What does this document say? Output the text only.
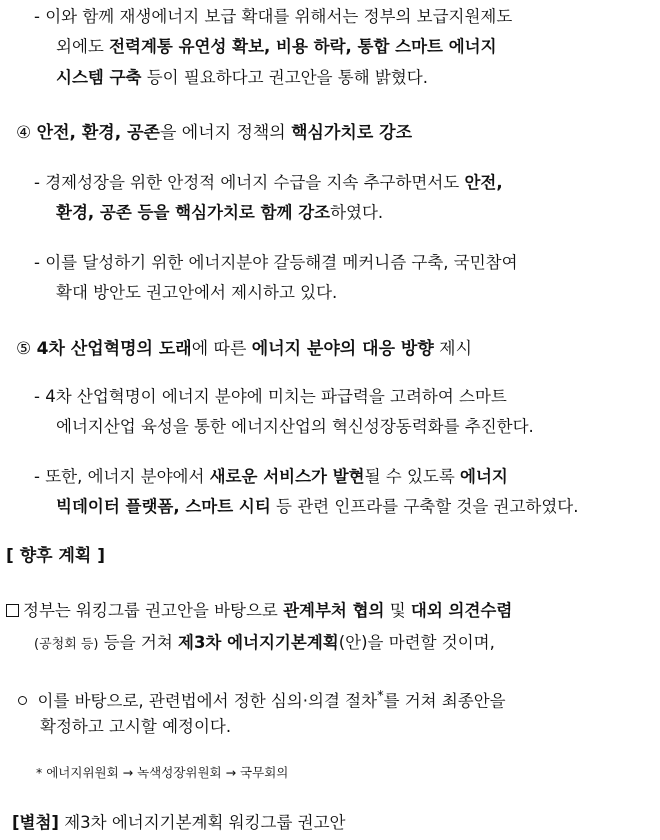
- 이와 함께 재생에너지 보급 확대를 위해서는 정부의 보급지원제도

외에도 전력계통 유연성 확보, 비용 하락, 통합 스마트 에너지

시스템 구축 등이 필요하다고 권고안을 통해 밝혔다.

④ 안전, 환경, 공존을 에너지 정책의 핵심가치로 강조

- 경제성장을 위한 안정적 에너지 수급을 지속 추구하면서도 안전,

환경, 공존 등을 핵심가치로 함께 강조하였다.

- 이를 달성하기 위한 에너지분야 갈등해결 메커니즘 구축, 국민참여

확대 방안도 권고안에서 제시하고 있다.

⑤ 4차 산업혁명의 도래에 따른 에너지 분야의 대응 방향 제시

- 4차 산업혁명이 에너지 분야에 미치는 파급력을 고려하여 스마트

에너지산업 육성을 통한 에너지산업의 혁신성장동력화를 추진한다.

- 또한, 에너지 분야에서 새로운 서비스가 발현될 수 있도록 에너지

빅데이터 플랫폼, 스마트 시티 등 관련 인프라를 구축할 것을 권고하였다.

[ 향후 계획 ]

정부는 워킹그룹 권고안을 바탕으로 관계부처 협의 및 대외 의견수렴

(공청회 등) 등을 거쳐 제3차 에너지기본계획(안)을 마련할 것이며,

이를 바탕으로, 관련법에서 정한 심의·의결 절차*를 거쳐 최종안을

확정하고 고시할 예정이다.

* 에너지위원회 → 녹색성장위원회 → 국무회의

[별첨] 제3차 에너지기본계획 워킹그룹 권고안
